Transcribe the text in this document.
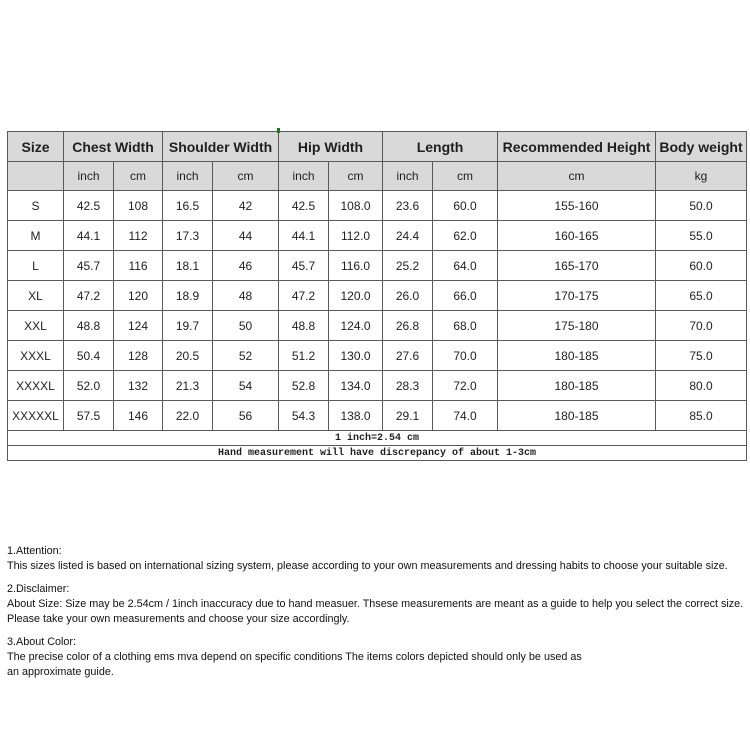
Size	Chest Width		Shoulder Width		Hip Width		Length		Recommended Height	Body weight
	inch	cm	inch	cm	inch	cm	inch	cm	cm	kg
S	42.5	108	16.5	42	42.5	108.0	23.6	60.0	155-160	50.0
M	44.1	112	17.3	44	44.1	112.0	24.4	62.0	160-165	55.0
L	45.7	116	18.1	46	45.7	116.0	25.2	64.0	165-170	60.0
XL	47.2	120	18.9	48	47.2	120.0	26.0	66.0	170-175	65.0
XXL	48.8	124	19.7	50	48.8	124.0	26.8	68.0	175-180	70.0
XXXL	50.4	128	20.5	52	51.2	130.0	27.6	70.0	180-185	75.0
XXXXL	52.0	132	21.3	54	52.8	134.0	28.3	72.0	180-185	80.0
XXXXXL	57.5	146	22.0	56	54.3	138.0	29.1	74.0	180-185	85.0
1 inch=2.54 cm										
Hand measurement will have discrepancy of about 1-3cm										

1.Attention:

This sizes listed is based on international sizing system, please according to your own measurements and dressing habits to choose your suitable size.

2.Disclaimer:

About Size: Size may be 2.54cm / 1inch inaccuracy due to hand measuer. Thsese measurements are meant as a guide to help you select the correct size.

Please take your own measurements and choose your size accordingly.

3.About Color:

The precise color of a clothing ems mva depend on specific conditions The items colors depicted should only be used as

an approximate guide.
